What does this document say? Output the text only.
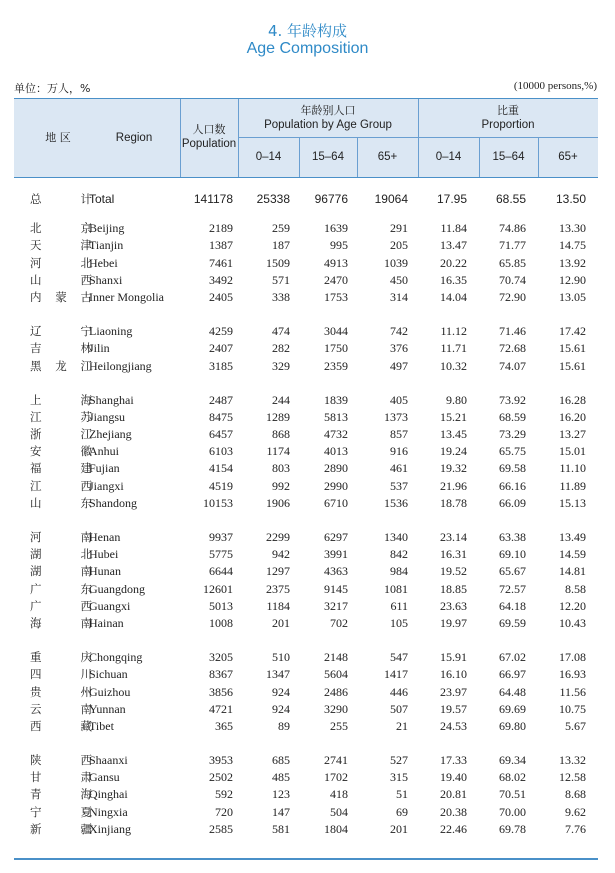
4. 年龄构成
Age Composition
单位：万人，%	(10000 persons,%)
地 区	Region
人口数
Population
年龄别人口
Population by Age Group
比重
Proportion
0–14	15–64	65+	0–14	15–64	65+
总计
Total	141178 25338 96776 19064 17.95 68.55 13.50
北京
Beijing	2189	259	1639	291	11.84	74.86	13.30
天津
Tianjin	1387	187	995	205	13.47	71.77	14.75
河北
Hebei	7461	1509	4913	1039	20.22	65.85	13.92
山西
Shanxi	3492	571	2470	450	16.35	70.74	12.90
内蒙古
Inner Mongolia	2405	338	1753	314	14.04	72.90	13.05
辽宁
Liaoning	4259	474	3044	742	11.12	71.46	17.42
吉林
Jilin	2407	282	1750	376	11.71	72.68	15.61
黑龙江
Heilongjiang	3185	329	2359	497	10.32	74.07	15.61
上海
Shanghai	2487	244	1839	405	9.80	73.92	16.28
江苏
Jiangsu	8475	1289	5813	1373	15.21	68.59	16.20
浙江
Zhejiang	6457	868	4732	857	13.45	73.29	13.27
安徽
Anhui	6103	1174	4013	916	19.24	65.75	15.01
福建
Fujian	4154	803	2890	461	19.32	69.58	11.10
江西
Jiangxi	4519	992	2990	537	21.96	66.16	11.89
山东
Shandong	10153	1906	6710	1536	18.78	66.09	15.13
河南
Henan	9937	2299	6297	1340	23.14	63.38	13.49
湖北
Hubei	5775	942	3991	842	16.31	69.10	14.59
湖南
Hunan	6644	1297	4363	984	19.52	65.67	14.81
广东
Guangdong	12601	2375	9145	1081	18.85	72.57	8.58
广西
Guangxi	5013	1184	3217	611	23.63	64.18	12.20
海南
Hainan	1008	201	702	105	19.97	69.59	10.43
重庆
Chongqing	3205	510	2148	547	15.91	67.02	17.08
四川
Sichuan	8367	1347	5604	1417	16.10	66.97	16.93
贵州
Guizhou	3856	924	2486	446	23.97	64.48	11.56
云南
Yunnan	4721	924	3290	507	19.57	69.69	10.75
西藏
Tibet	365	89	255	21	24.53	69.80	5.67
陕西
Shaanxi	3953	685	2741	527	17.33	69.34	13.32
甘肃
Gansu	2502	485	1702	315	19.40	68.02	12.58
青海
Qinghai	592	123	418	51	20.81	70.51	8.68
宁夏
Ningxia	720	147	504	69	20.38	70.00	9.62
新疆
Xinjiang	2585	581	1804	201	22.46	69.78	7.76
